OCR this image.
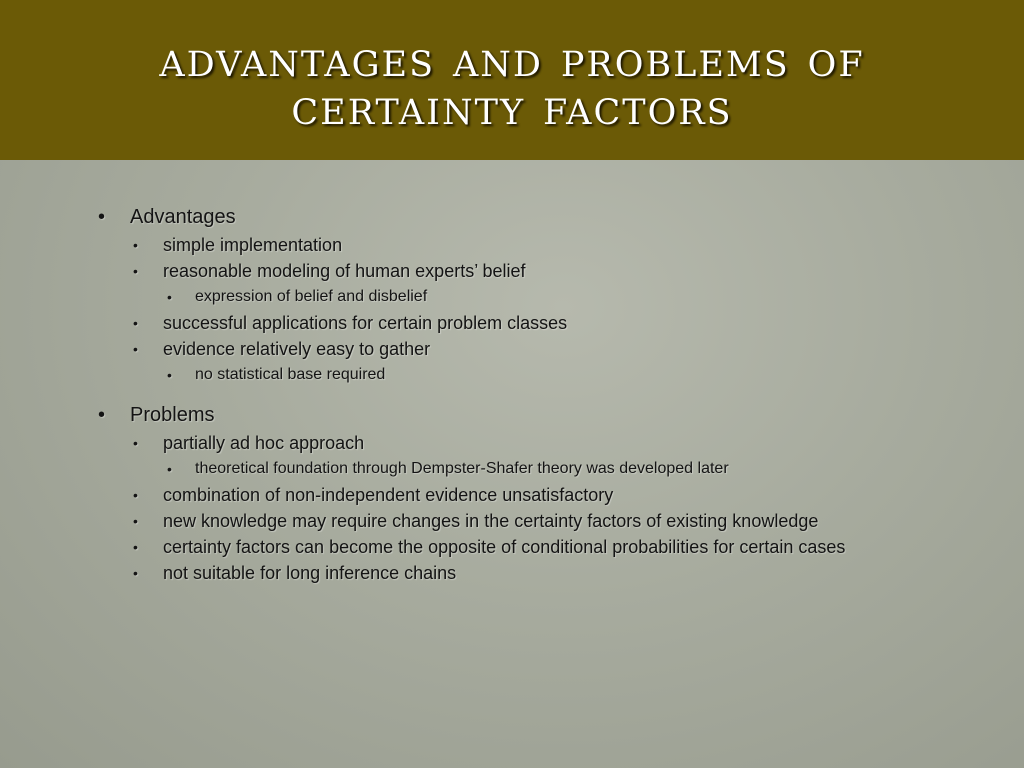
advantages and problems of certainty factors
• Advantages
• simple implementation
• reasonable modeling of human experts’ belief
• expression of belief and disbelief
• successful applications for certain problem classes
• evidence relatively easy to gather
• no statistical base required
• Problems
• partially ad hoc approach
• theoretical foundation through Dempster-Shafer theory was developed later
• combination of non-independent evidence unsatisfactory
• new knowledge may require changes in the certainty factors of existing knowledge
• certainty factors can become the opposite of conditional probabilities for certain cases
• not suitable for long inference chains
